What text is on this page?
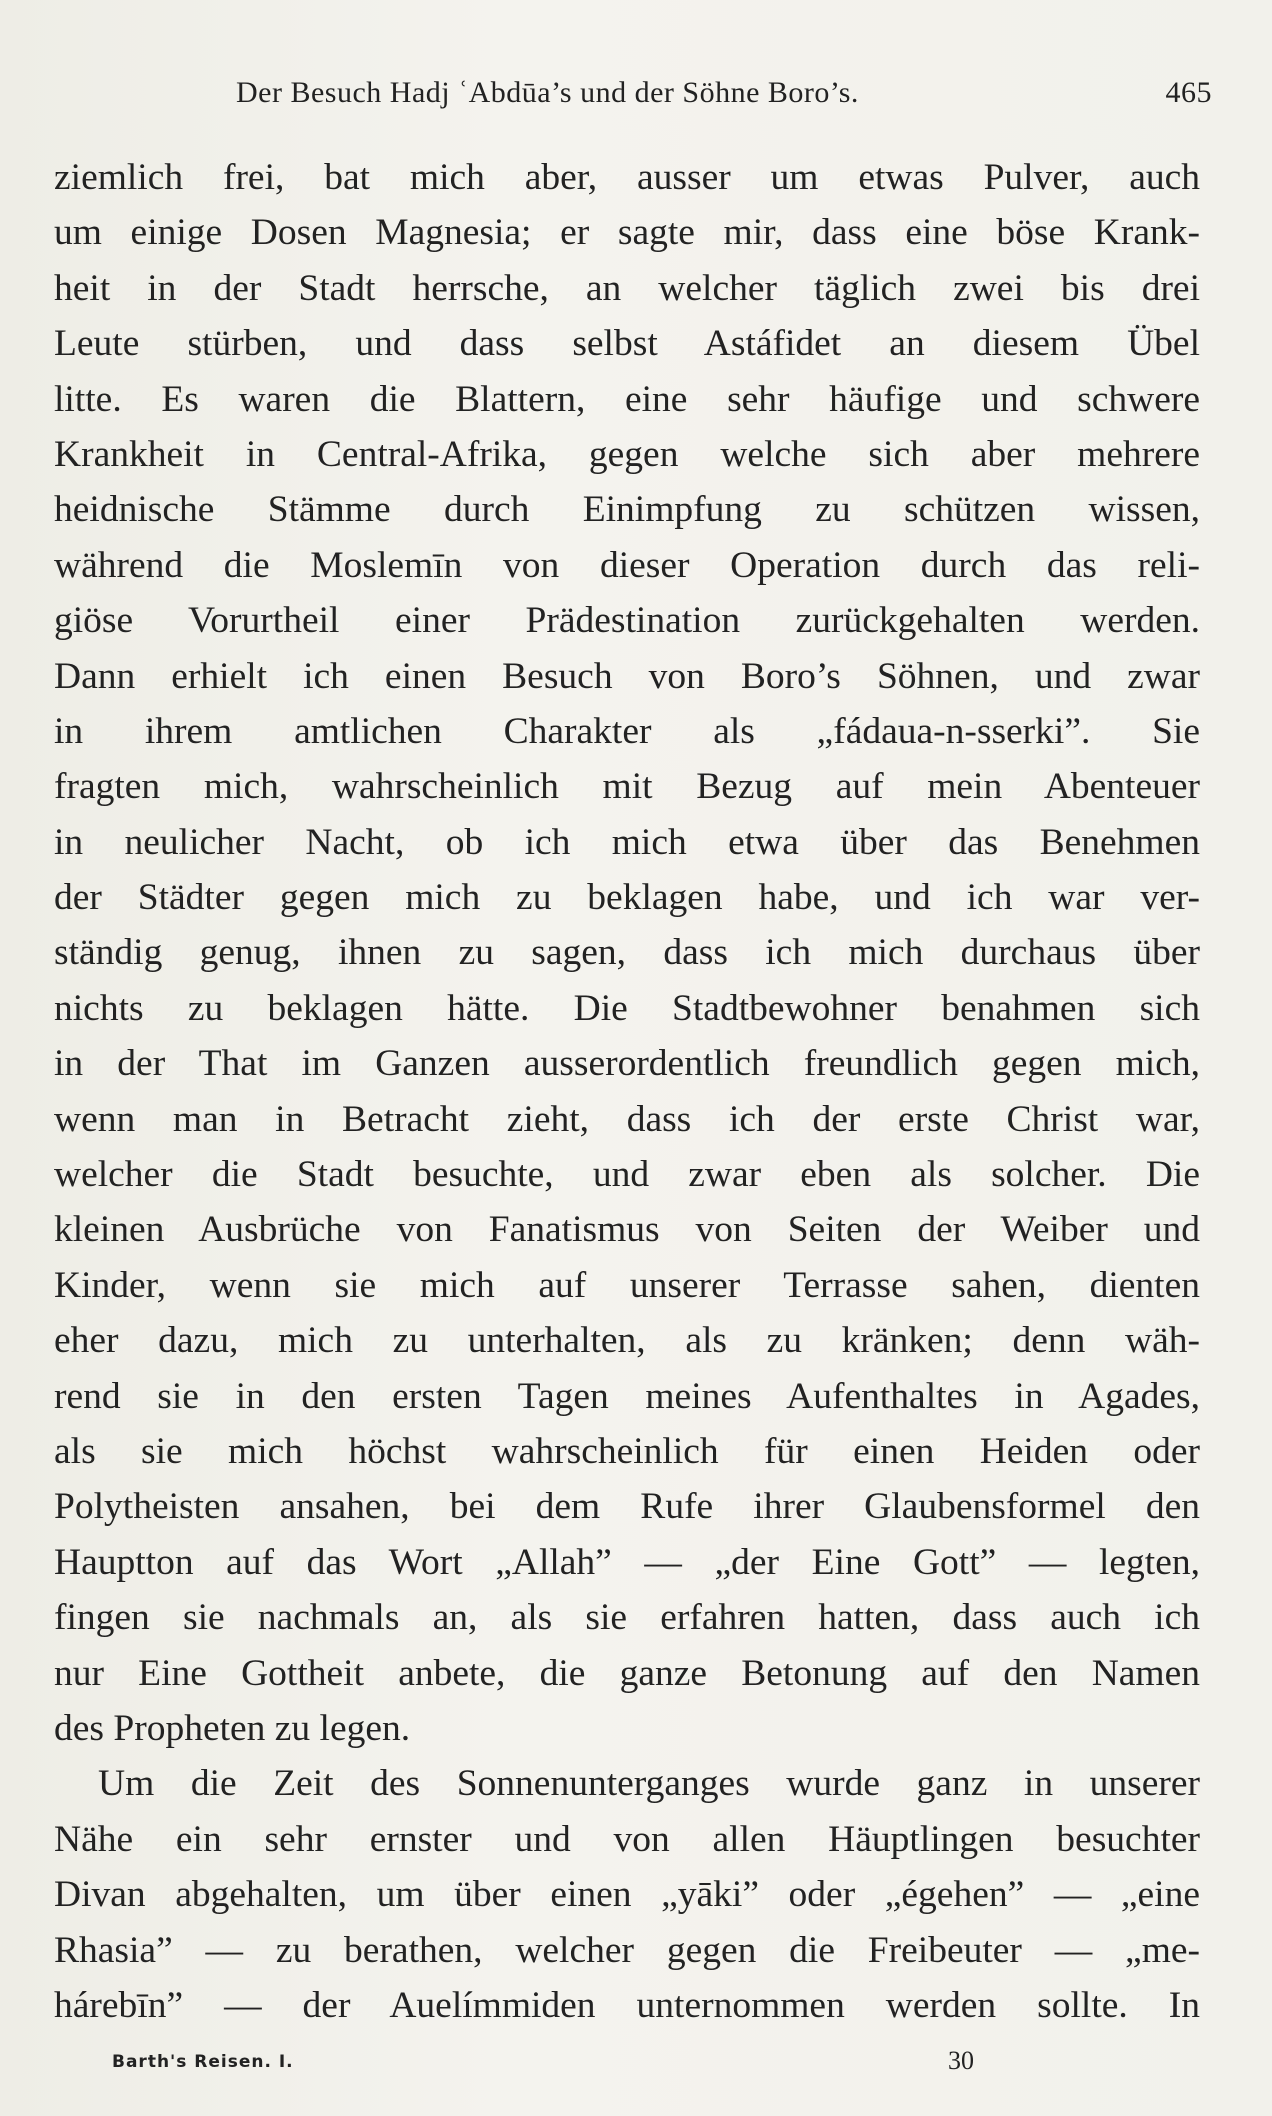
Der Besuch Hadj ʿAbdūa’s und der Söhne Boro’s.	465
ziemlich frei, bat mich aber, ausser um etwas Pulver, auch
um einige Dosen Magnesia; er sagte mir, dass eine böse Krank-
heit in der Stadt herrsche, an welcher täglich zwei bis drei
Leute stürben, und dass selbst Astáfidet an diesem Übel
litte. Es waren die Blattern, eine sehr häufige und schwere
Krankheit in Central-Afrika, gegen welche sich aber mehrere
heidnische Stämme durch Einimpfung zu schützen wissen,
während die Moslemīn von dieser Operation durch das reli-
giöse Vorurtheil einer Prädestination zurückgehalten werden.
Dann erhielt ich einen Besuch von Boro’s Söhnen, und zwar
in ihrem amtlichen Charakter als „fádaua-n-sserki”. Sie
fragten mich, wahrscheinlich mit Bezug auf mein Abenteuer
in neulicher Nacht, ob ich mich etwa über das Benehmen
der Städter gegen mich zu beklagen habe, und ich war ver-
ständig genug, ihnen zu sagen, dass ich mich durchaus über
nichts zu beklagen hätte. Die Stadtbewohner benahmen sich
in der That im Ganzen ausserordentlich freundlich gegen mich,
wenn man in Betracht zieht, dass ich der erste Christ war,
welcher die Stadt besuchte, und zwar eben als solcher. Die
kleinen Ausbrüche von Fanatismus von Seiten der Weiber und
Kinder, wenn sie mich auf unserer Terrasse sahen, dienten
eher dazu, mich zu unterhalten, als zu kränken; denn wäh-
rend sie in den ersten Tagen meines Aufenthaltes in Agades,
als sie mich höchst wahrscheinlich für einen Heiden oder
Polytheisten ansahen, bei dem Rufe ihrer Glaubensformel den
Hauptton auf das Wort „Allah” — „der Eine Gott” — legten,
fingen sie nachmals an, als sie erfahren hatten, dass auch ich
nur Eine Gottheit anbete, die ganze Betonung auf den Namen
des Propheten zu legen.
Um die Zeit des Sonnenunterganges wurde ganz in unserer
Nähe ein sehr ernster und von allen Häuptlingen besuchter
Divan abgehalten, um über einen „yāki” oder „égehen” — „eine
Rhasia” — zu berathen, welcher gegen die Freibeuter — „me-
hárebīn” — der Auelímmiden unternommen werden sollte. In
Barth's Reisen. I.	30
